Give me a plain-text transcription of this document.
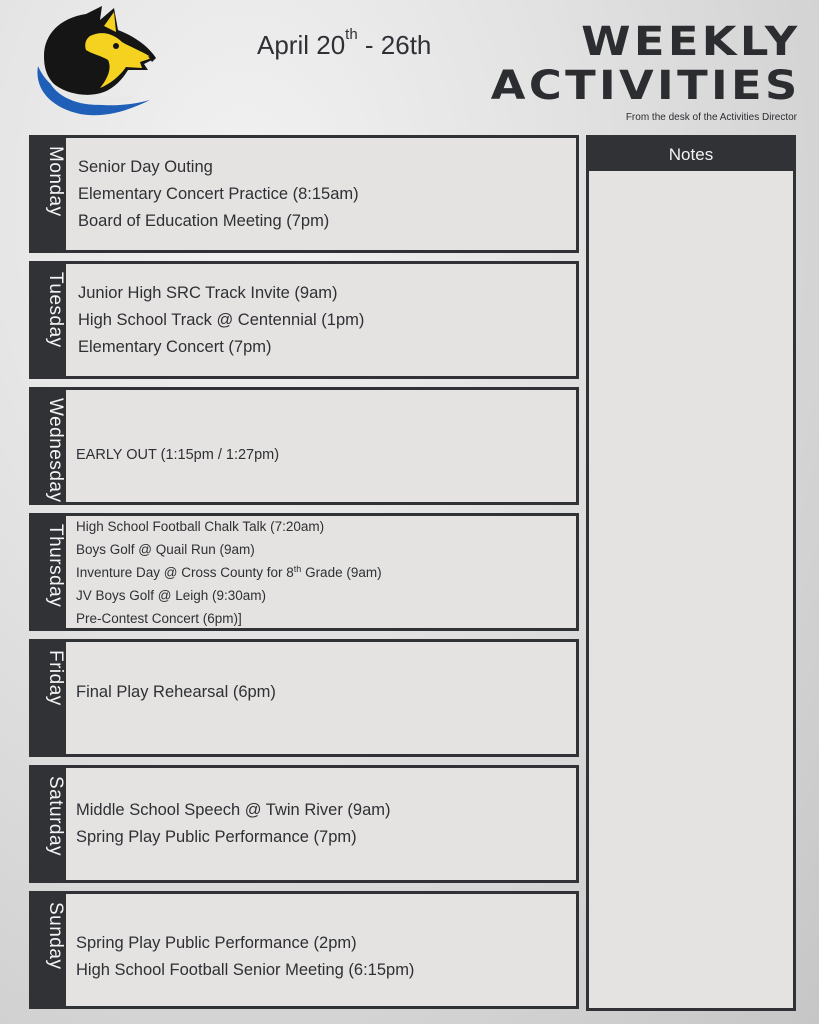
April 20th - 26th	WEEKLY
ACTIVITIES
From the desk of the Activities Director
Monday Senior Day Outing
Elementary Concert Practice (8:15am)
Board of Education Meeting (7pm)
Tuesday Junior High SRC Track Invite (9am)
High School Track @ Centennial (1pm)
Elementary Concert (7pm)
Wednesday EARLY OUT (1:15pm / 1:27pm)
Thursday High School Football Chalk Talk (7:20am)
Boys Golf @ Quail Run (9am)
Inventure Day @ Cross County for 8th Grade (9am)
JV Boys Golf @ Leigh (9:30am)
Pre-Contest Concert (6pm)]
Friday Final Play Rehearsal (6pm)
Saturday Middle School Speech @ Twin River (9am)
Spring Play Public Performance (7pm)
Sunday Spring Play Public Performance (2pm)
High School Football Senior Meeting (6:15pm)
Notes
